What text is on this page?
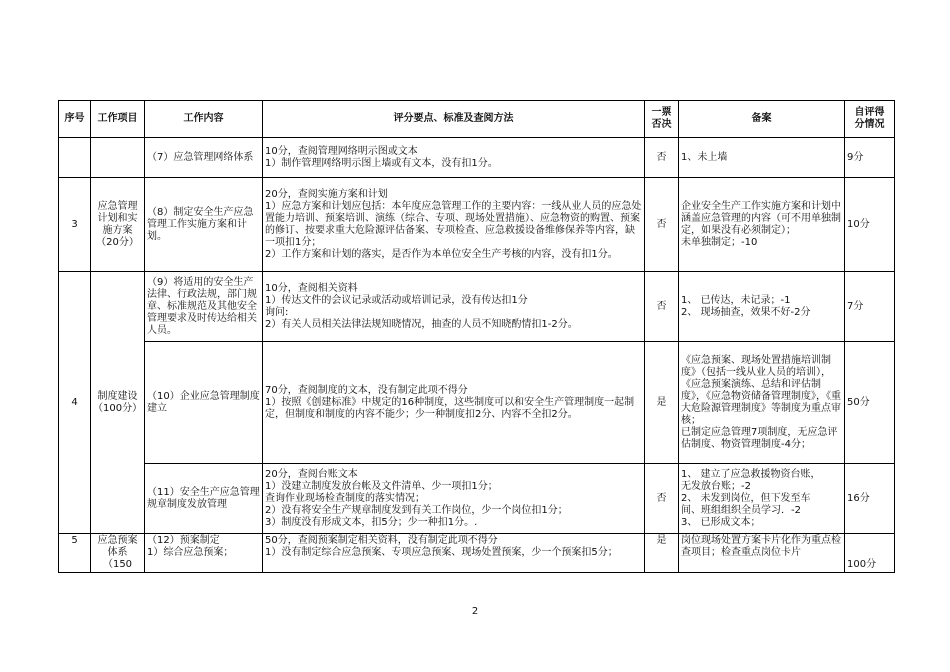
序号	工作项目	工作内容	评分要点、标准及查阅方法	一票
否决	备案	自评得
分情况
		（7）应急管理网络体系	10分，查阅管理网络明示图或文本
1）制作管理网络明示图上墙或有文本，没有扣1分。	否	1、未上墙	9分
3	应急管理计划和实施方案（20分）	（8）制定安全生产应急管理工作实施方案和计划。	20分，查阅实施方案和计划
1）应急方案和计划应包括：本年度应急管理工作的主要内容：一线从业人员的应急处置能力培训、预案培训、演练（综合、专项、现场处置措施）、应急物资的购置、预案的修订、按要求重大危险源评估备案、专项检查、应急救援设备维修保养等内容，缺一项扣1分；
2）工作方案和计划的落实，是否作为本单位安全生产考核的内容，没有扣1分。	否	企业安全生产工作实施方案和计划中涵盖应急管理的内容（可不用单独制定，如果没有必须制定）；
未单独制定；-10	10分
4	制度建设（100分）	（9）将适用的安全生产法律、行政法规，部门规章、标准规范及其他安全管理要求及时传达给相关人员。	10分，查阅相关资料
1）传达文件的会议记录或活动或培训记录，没有传达扣1分
询问:
2）有关人员相关法律法规知晓情况，抽查的人员不知晓酌情扣1-2分。	否	1、 已传达，未记录；-1
2、 现场抽查，效果不好-2分	7分
		（10）企业应急管理制度建立	70分，查阅制度的文本，没有制定此项不得分
1）按照《创建标准》中规定的16种制度，这些制度可以和安全生产管理制度一起制定，但制度和制度的内容不能少；少一种制度扣2分、内容不全扣2分。	是	《应急预案、现场处置措施培训制度》（包括一线从业人员的培训），《应急预案演练、总结和评估制度》，《应急物资储备管理制度》，《重大危险源管理制度》等制度为重点审核；
已制定应急管理7项制度，无应急评估制度、物资管理制度-4分；	50分
		（11）安全生产应急管理规章制度发放管理	20分，查阅台账文本
1）没建立制度发放台帐及文件清单、少一项扣1分；
查询作业现场检查制度的落实情况；
2）没有将安全生产规章制度发到有关工作岗位，少一个岗位扣1分；
3）制度没有形成文本，扣5分；少一种扣1分。.	否	1、 建立了应急救援物资台账，
无发放台账；-2
2、 未发到岗位，但下发至车
间、班组组织全员学习．-2
3、 已形成文本；	16分
5	应急预案体系（150	（12）预案制定
1）综合应急预案；	50分，查阅预案制定相关资料，没有制定此项不得分
1）没有制定综合应急预案、专项应急预案、现场处置预案，少一个预案扣5分；	是	岗位现场处置方案卡片化作为重点检查项目；检查重点岗位卡片	100分
2
